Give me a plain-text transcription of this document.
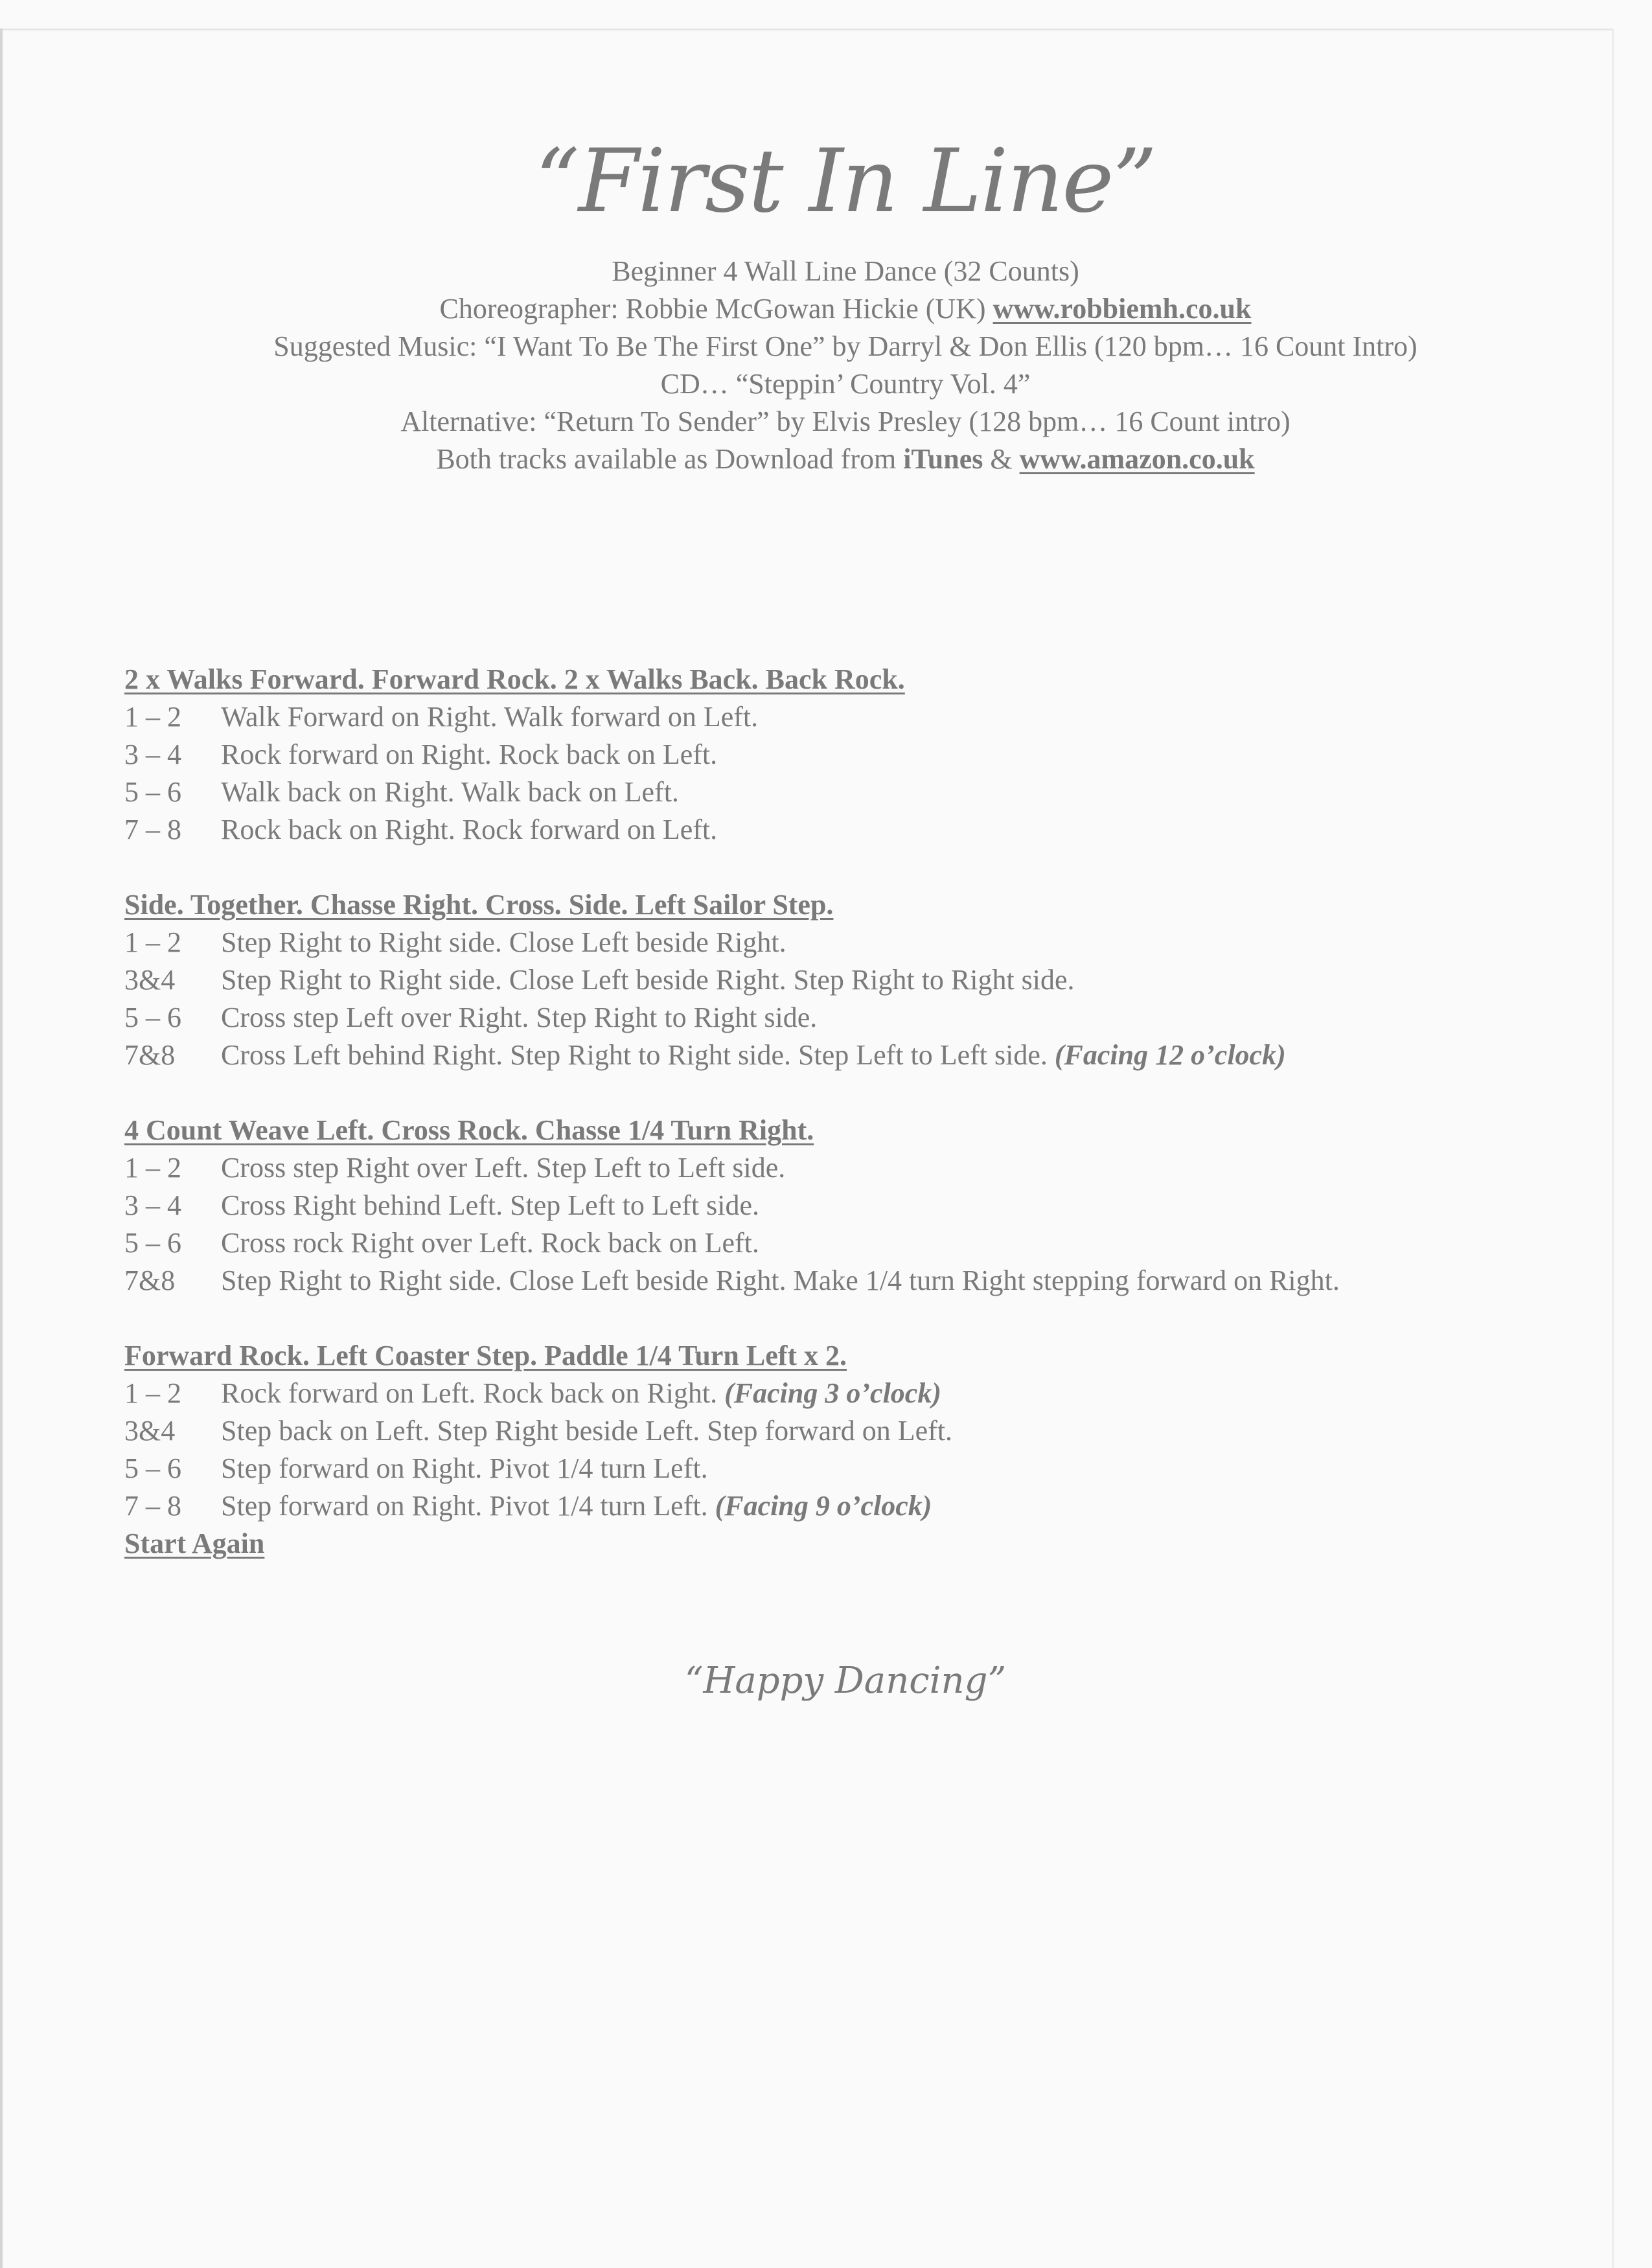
“First In Line”
Beginner 4 Wall Line Dance (32 Counts)
Choreographer: Robbie McGowan Hickie (UK) www.robbiemh.co.uk
Suggested Music: “I Want To Be The First One” by Darryl & Don Ellis (120 bpm… 16 Count Intro)
CD… “Steppin’ Country Vol. 4”
Alternative: “Return To Sender” by Elvis Presley (128 bpm… 16 Count intro)
Both tracks available as Download from iTunes & www.amazon.co.uk
2 x Walks Forward. Forward Rock. 2 x Walks Back. Back Rock.
1 – 2	Walk Forward on Right. Walk forward on Left.
3 – 4	Rock forward on Right. Rock back on Left.
5 – 6	Walk back on Right. Walk back on Left.
7 – 8	Rock back on Right. Rock forward on Left.
Side. Together. Chasse Right. Cross. Side. Left Sailor Step.
1 – 2	Step Right to Right side. Close Left beside Right.
3&4	Step Right to Right side. Close Left beside Right. Step Right to Right side.
5 – 6	Cross step Left over Right. Step Right to Right side.
7&8	Cross Left behind Right. Step Right to Right side. Step Left to Left side. (Facing 12 o’clock)
4 Count Weave Left. Cross Rock. Chasse 1/4 Turn Right.
1 – 2	Cross step Right over Left. Step Left to Left side.
3 – 4	Cross Right behind Left. Step Left to Left side.
5 – 6	Cross rock Right over Left. Rock back on Left.
7&8	Step Right to Right side. Close Left beside Right. Make 1/4 turn Right stepping forward on Right.
Forward Rock. Left Coaster Step. Paddle 1/4 Turn Left x 2.
1 – 2	Rock forward on Left. Rock back on Right. (Facing 3 o’clock)
3&4	Step back on Left. Step Right beside Left. Step forward on Left.
5 – 6	Step forward on Right. Pivot 1/4 turn Left.
7 – 8	Step forward on Right. Pivot 1/4 turn Left. (Facing 9 o’clock)
Start Again
“Happy Dancing”
